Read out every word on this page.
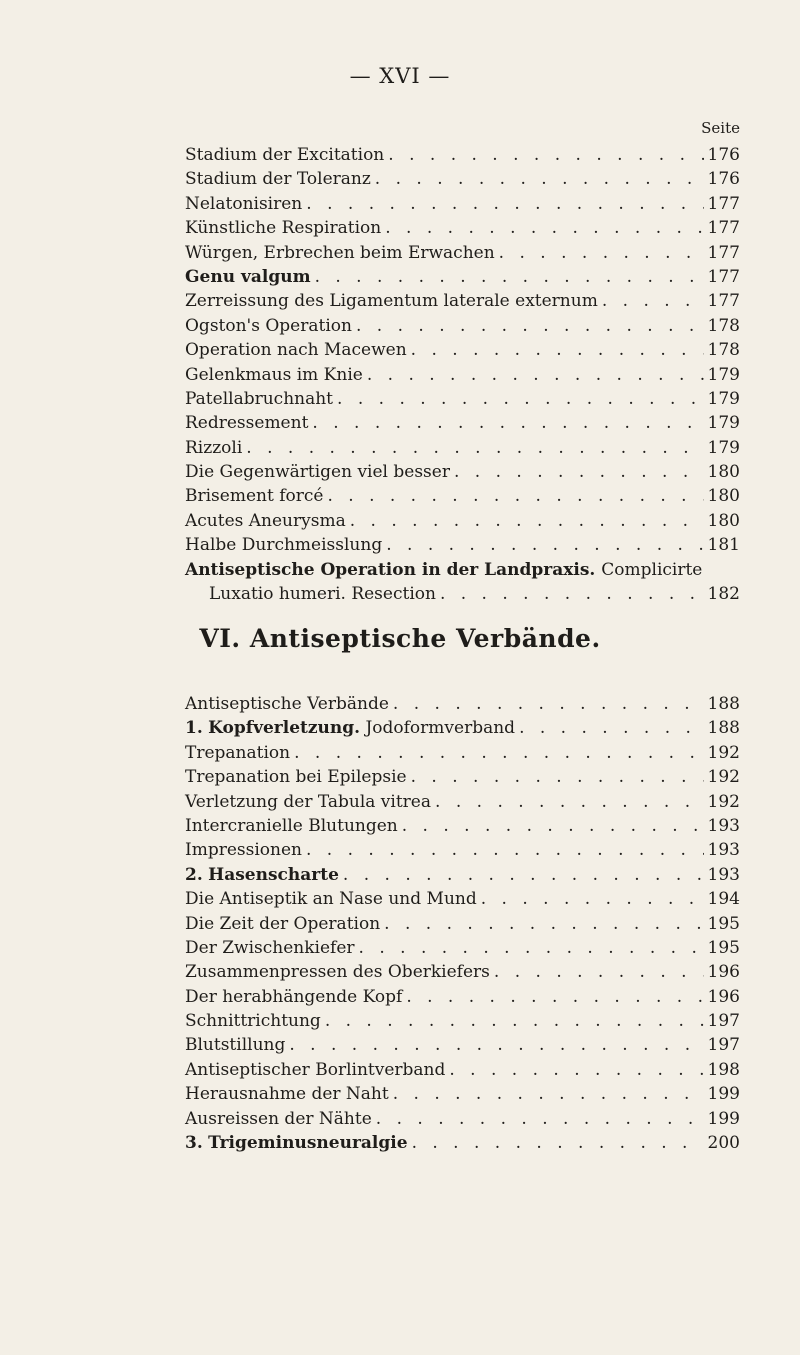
— XVI —
Seite
Stadium der Excitation . . .	176
Stadium der Toleranz . . .	176
Nelatonisiren . . .	177
Künstliche Respiration . . .	177
Würgen, Erbrechen beim Erwachen . . .	177
Genu valgum . . .	177
Zerreissung des Ligamentum laterale externum . . .	177
Ogston's Operation . . .	178
Operation nach Macewen . . .	178
Gelenkmaus im Knie . . .	179
Patellabruchnaht . . .	179
Redressement . . .	179
Rizzoli . . .	179
Die Gegenwärtigen viel besser . . .	180
Brisement forcé . . .	180
Acutes Aneurysma . . .	180
Halbe Durchmeisslung . . .	181
Antiseptische Operation in der Landpraxis. Complicirte
Luxatio humeri. Resection . . .	182
VI. Antiseptische Verbände.
Antiseptische Verbände . . .	188
1. Kopfverletzung. Jodoformverband . . .	188
Trepanation . . .	192
Trepanation bei Epilepsie . . .	192
Verletzung der Tabula vitrea . . .	192
Intercranielle Blutungen . . .	193
Impressionen . . .	193
2. Hasenscharte . . .	193
Die Antiseptik an Nase und Mund . . .	194
Die Zeit der Operation . . .	195
Der Zwischenkiefer . . .	195
Zusammenpressen des Oberkiefers . . .	196
Der herabhängende Kopf . . .	196
Schnittrichtung . . .	197
Blutstillung . . .	197
Antiseptischer Borlintverband . . .	198
Herausnahme der Naht . . .	199
Ausreissen der Nähte . . .	199
3. Trigeminusneuralgie . . .	200
